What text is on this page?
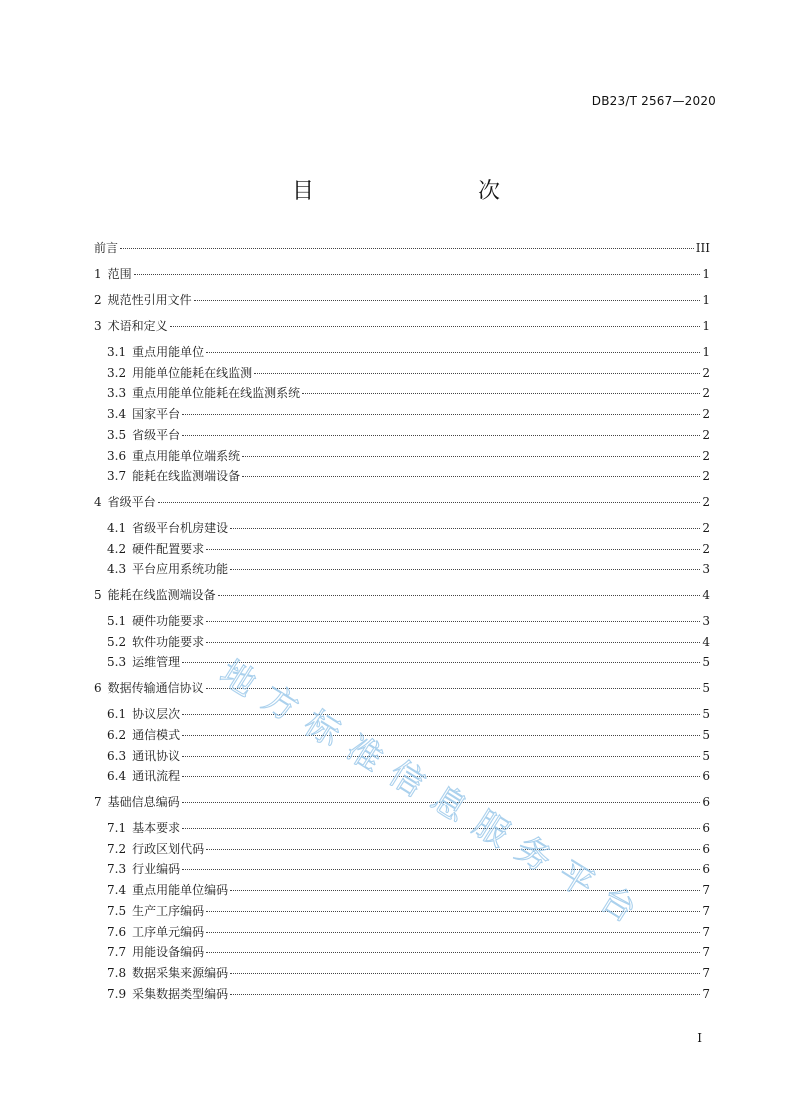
DB23/T 2567—2020
目　　次
前言	III
1 范围	1
2 规范性引用文件	1
3 术语和定义	1
3.1 重点用能单位	1
3.2 用能单位能耗在线监测	2
3.3 重点用能单位能耗在线监测系统	2
3.4 国家平台	2
3.5 省级平台	2
3.6 重点用能单位端系统	2
3.7 能耗在线监测端设备	2
4 省级平台	2
4.1 省级平台机房建设	2
4.2 硬件配置要求	2
4.3 平台应用系统功能	3
5 能耗在线监测端设备	4
5.1 硬件功能要求	3
5.2 软件功能要求	4
5.3 运维管理	5
6 数据传输通信协议	5
6.1 协议层次	5
6.2 通信模式	5
6.3 通讯协议	5
6.4 通讯流程	6
7 基础信息编码	6
7.1 基本要求	6
7.2 行政区划代码	6
7.3 行业编码	6
7.4 重点用能单位编码	7
7.5 生产工序编码	7
7.6 工序单元编码	7
7.7 用能设备编码	7
7.8 数据采集来源编码	7
7.9 采集数据类型编码	7
地
方
标
准
信
息
服
务
平
台
I
